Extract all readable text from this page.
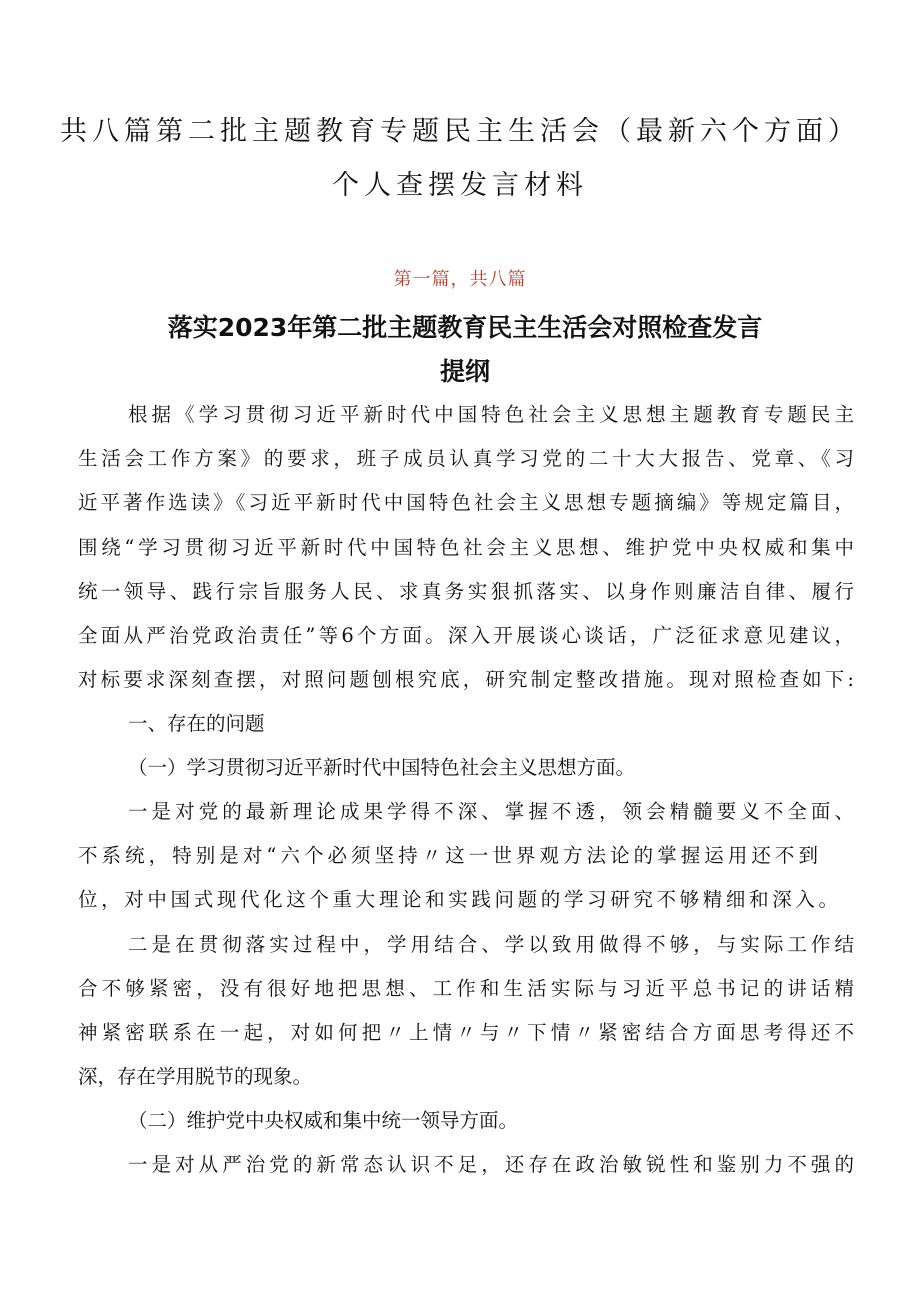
共八篇第二批主题教育专题民主生活会（最新六个方面）
个人查摆发言材料
第一篇，共八篇
落实2023年第二批主题教育民主生活会对照检查发言
提纲
根据《学习贯彻习近平新时代中国特色社会主义思想主题教育专题民主
生活会工作方案》的要求，班子成员认真学习党的二十大大报告、党章、《习
近平著作选读》《习近平新时代中国特色社会主义思想专题摘编》等规定篇目，
围绕“学习贯彻习近平新时代中国特色社会主义思想、维护党中央权威和集中
统一领导、践行宗旨服务人民、求真务实狠抓落实、以身作则廉洁自律、履行
全面从严治党政治责任”等6个方面。深入开展谈心谈话，广泛征求意见建议，
对标要求深刻查摆，对照问题刨根究底，研究制定整改措施。现对照检查如下:
一、存在的问题
（一）学习贯彻习近平新时代中国特色社会主义思想方面。
一是对党的最新理论成果学得不深、掌握不透，领会精髓要义不全面、
不系统，特别是对“六个必须坚持〃这一世界观方法论的掌握运用还不到
位，对中国式现代化这个重大理论和实践问题的学习研究不够精细和深入。
二是在贯彻落实过程中，学用结合、学以致用做得不够，与实际工作结
合不够紧密，没有很好地把思想、工作和生活实际与习近平总书记的讲话精
神紧密联系在一起，对如何把〃上情〃与〃下情〃紧密结合方面思考得还不
深，存在学用脱节的现象。
（二）维护党中央权威和集中统一领导方面。
一是对从严治党的新常态认识不足，还存在政治敏锐性和鉴别力不强的
